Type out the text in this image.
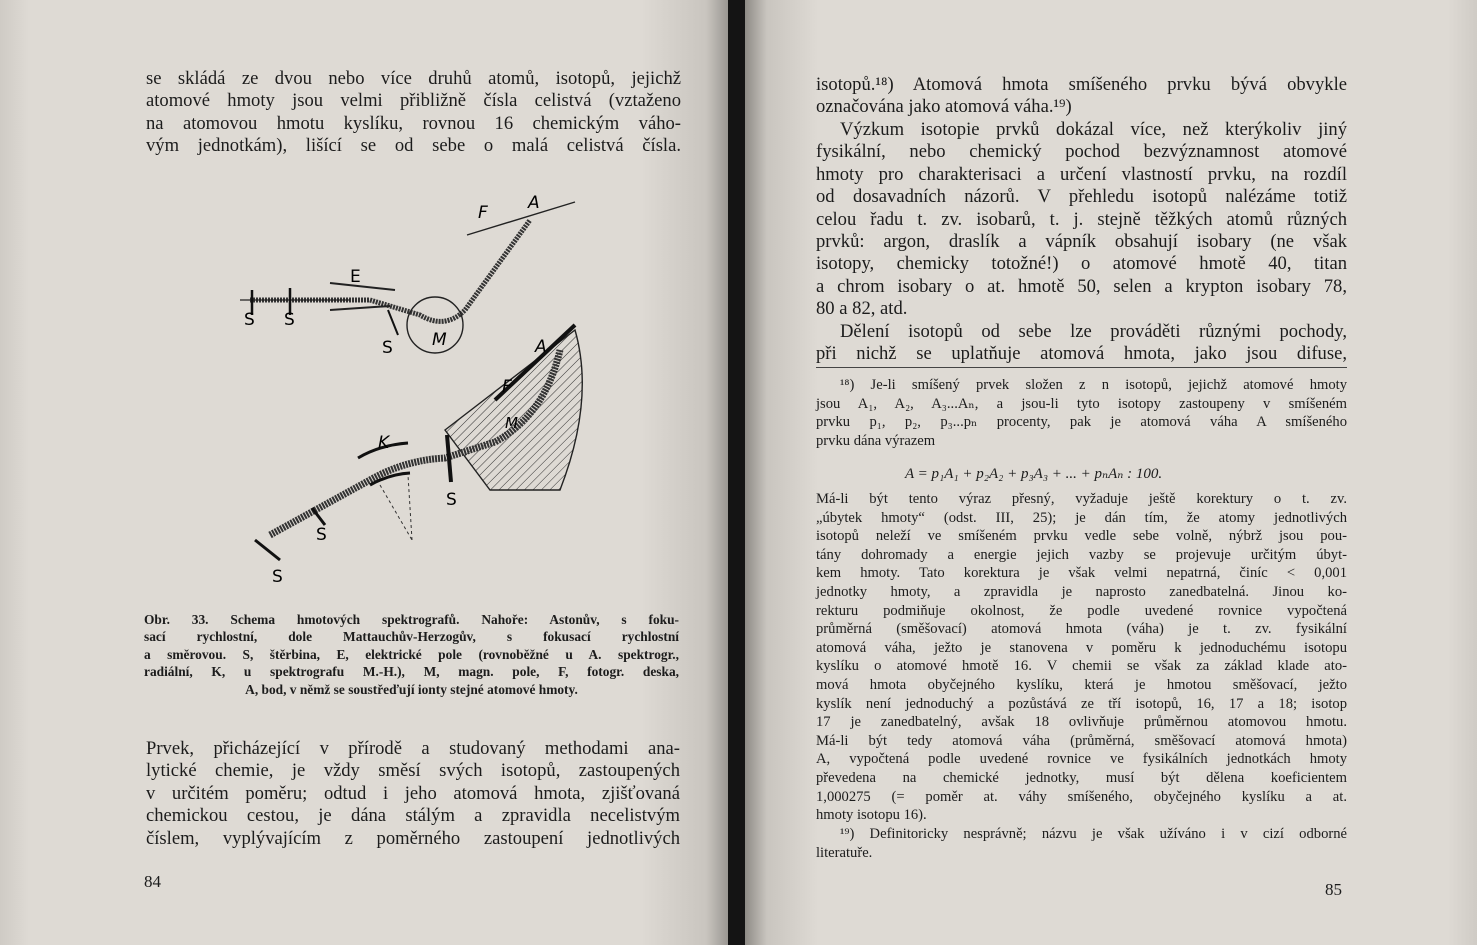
se skládá ze dvou nebo více druhů atomů, isotopů, jejichž
atomové hmoty jsou velmi přibližně čísla celistvá (vztaženo
na atomovou hmotu kyslíku, rovnou 16 chemickým váho-
vým jednotkám), lišící se od sebe o malá celistvá čísla.
F A
E
S S
S M	A
F
M
K
S
S
S
Obr. 33. Schema hmotových spektrografů. Nahoře: Astonův, s foku-
sací rychlostní, dole Mattauchův-Herzogův, s fokusací rychlostní
a směrovou. S, štěrbina, E, elektrické pole (rovnoběžné u A. spektrogr.,
radiální, K, u spektrografu M.-H.), M, magn. pole, F, fotogr. deska,
A, bod, v němž se soustřeďují ionty stejné atomové hmoty.
Prvek, přicházející v přírodě a studovaný methodami ana-
lytické chemie, je vždy směsí svých isotopů, zastoupených
v určitém poměru; odtud i jeho atomová hmota, zjišťovaná
chemickou cestou, je dána stálým a zpravidla necelistvým
číslem, vyplývajícím z poměrného zastoupení jednotlivých
84
isotopů.¹⁸) Atomová hmota smíšeného prvku bývá obvykle
označována jako atomová váha.¹⁹)
Výzkum isotopie prvků dokázal více, než kterýkoliv jiný
fysikální, nebo chemický pochod bezvýznamnost atomové
hmoty pro charakterisaci a určení vlastností prvku, na rozdíl
od dosavadních názorů. V přehledu isotopů nalézáme totiž
celou řadu t. zv. isobarů, t. j. stejně těžkých atomů různých
prvků: argon, draslík a vápník obsahují isobary (ne však
isotopy, chemicky totožné!) o atomové hmotě 40, titan
a chrom isobary o at. hmotě 50, selen a krypton isobary 78,
80 a 82, atd.
Dělení isotopů od sebe lze prováděti různými pochody,
při nichž se uplatňuje atomová hmota, jako jsou difuse,
¹⁸) Je-li smíšený prvek složen z n isotopů, jejichž atomové hmoty
jsou A₁, A₂, A₃...Aₙ, a jsou-li tyto isotopy zastoupeny v smíšeném
prvku p₁, p₂, p₃...pₙ procenty, pak je atomová váha A smíšeného
prvku dána výrazem
A = p₁A₁ + p₂A₂ + p₃A₃ + ... + pₙAₙ : 100.
Má-li být tento výraz přesný, vyžaduje ještě korektury o t. zv.
„úbytek hmoty“ (odst. III, 25); je dán tím, že atomy jednotlivých
isotopů neleží ve smíšeném prvku vedle sebe volně, nýbrž jsou pou-
tány dohromady a energie jejich vazby se projevuje určitým úbyt-
kem hmoty. Tato korektura je však velmi nepatrná, činíc < 0,001
jednotky hmoty, a zpravidla je naprosto zanedbatelná. Jinou ko-
rekturu podmiňuje okolnost, že podle uvedené rovnice vypočtená
průměrná (směšovací) atomová hmota (váha) je t. zv. fysikální
atomová váha, ježto je stanovena v poměru k jednoduchému isotopu
kyslíku o atomové hmotě 16. V chemii se však za základ klade ato-
mová hmota obyčejného kyslíku, která je hmotou směšovací, ježto
kyslík není jednoduchý a pozůstává ze tří isotopů, 16, 17 a 18; isotop
17 je zanedbatelný, avšak 18 ovlivňuje průměrnou atomovou hmotu.
Má-li být tedy atomová váha (průměrná, směšovací atomová hmota)
A, vypočtená podle uvedené rovnice ve fysikálních jednotkách hmoty
převedena na chemické jednotky, musí být dělena koeficientem
1,000275 (= poměr at. váhy smíšeného, obyčejného kyslíku a at.
hmoty isotopu 16).
¹⁹) Definitoricky nesprávně; názvu je však užíváno i v cizí odborné
literatuře.
85
